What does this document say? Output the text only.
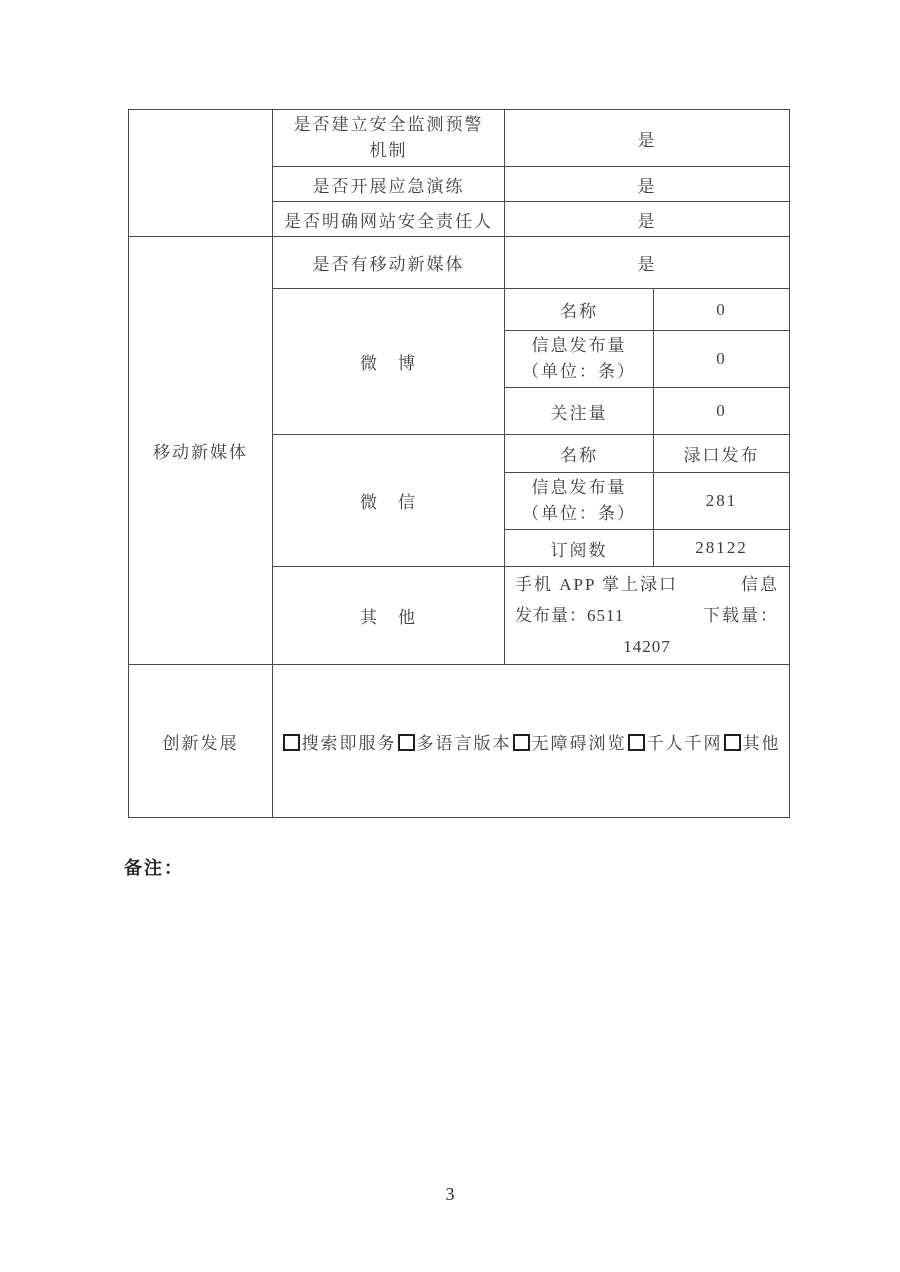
	是否建立安全监测预警
机制	是	
	是否开展应急演练	是	
	是否明确网站安全责任人	是	
移动新媒体	是否有移动新媒体	是	
	微　博	名称	0

		信息发布量
（单位：条）	0
		关注量	0
	微　信	名称	渌口发布

		信息发布量
（单位：条）	281
		订阅数	28122
	其　他	手机 APP 掌上渌口 信息
发布量：6511 下载量：
14207	

创新发展	搜索即服务 多语言版本 无障碍浏览 千人千网 其他		
备注：
3
